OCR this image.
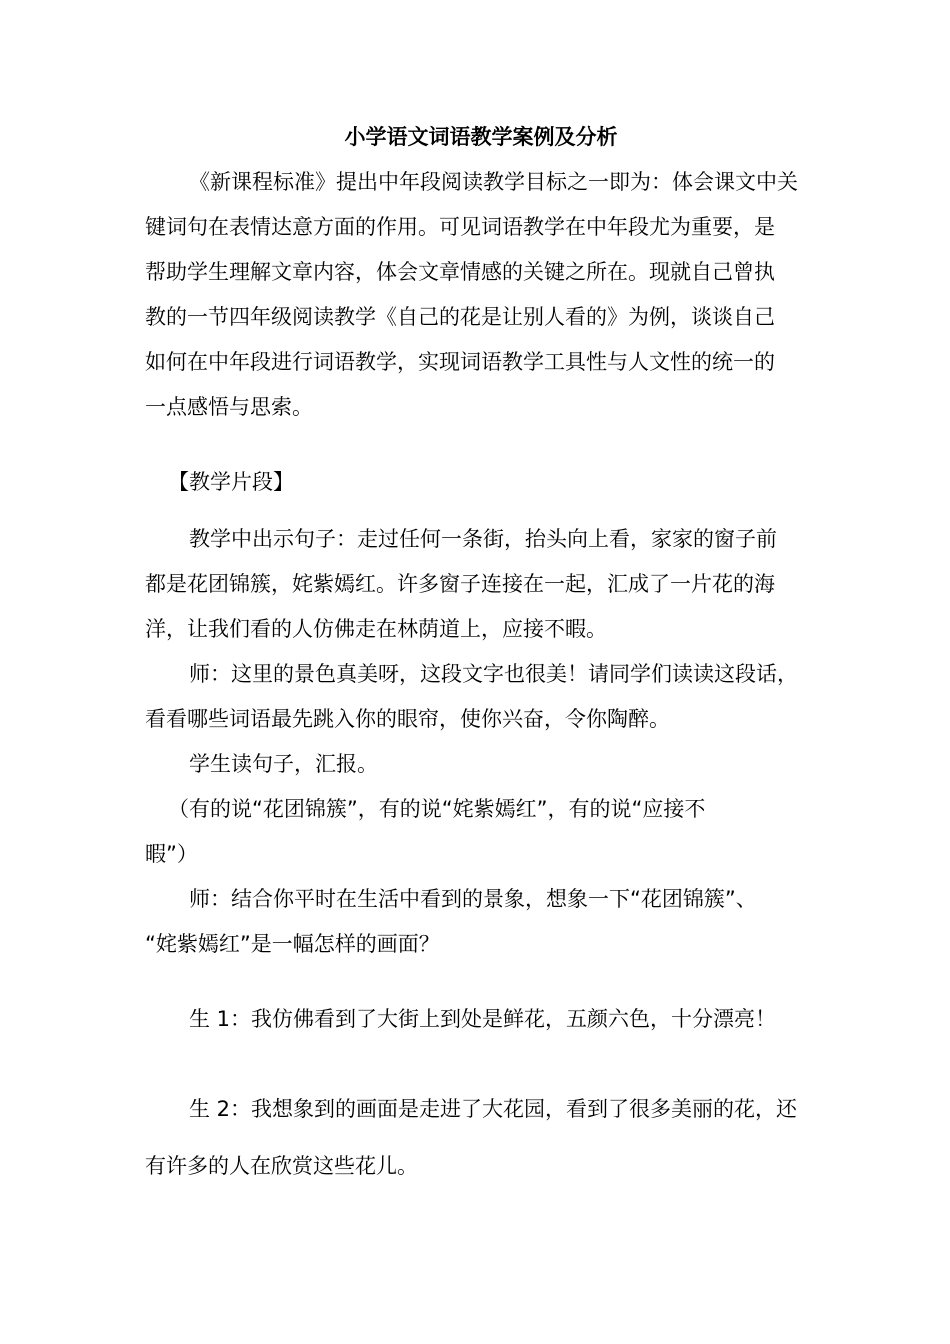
小学语文词语教学案例及分析
《新课程标准》提出中年段阅读教学目标之一即为：体会课文中关
键词句在表情达意方面的作用。可见词语教学在中年段尤为重要，是
帮助学生理解文章内容，体会文章情感的关键之所在。现就自己曾执
教的一节四年级阅读教学《自己的花是让别人看的》为例，谈谈自己
如何在中年段进行词语教学，实现词语教学工具性与人文性的统一的
一点感悟与思索。
【教学片段】
教学中出示句子：走过任何一条街，抬头向上看，家家的窗子前
都是花团锦簇，姹紫嫣红。许多窗子连接在一起，汇成了一片花的海
洋，让我们看的人仿佛走在林荫道上，应接不暇。
师：这里的景色真美呀，这段文字也很美！请同学们读读这段话，
看看哪些词语最先跳入你的眼帘，使你兴奋，令你陶醉。
学生读句子，汇报。
（有的说“花团锦簇”，有的说“姹紫嫣红”，有的说“应接不
暇”）
师：结合你平时在生活中看到的景象，想象一下“花团锦簇”、
“姹紫嫣红”是一幅怎样的画面？
生 1：我仿佛看到了大街上到处是鲜花，五颜六色，十分漂亮！
生 2：我想象到的画面是走进了大花园，看到了很多美丽的花，还
有许多的人在欣赏这些花儿。
